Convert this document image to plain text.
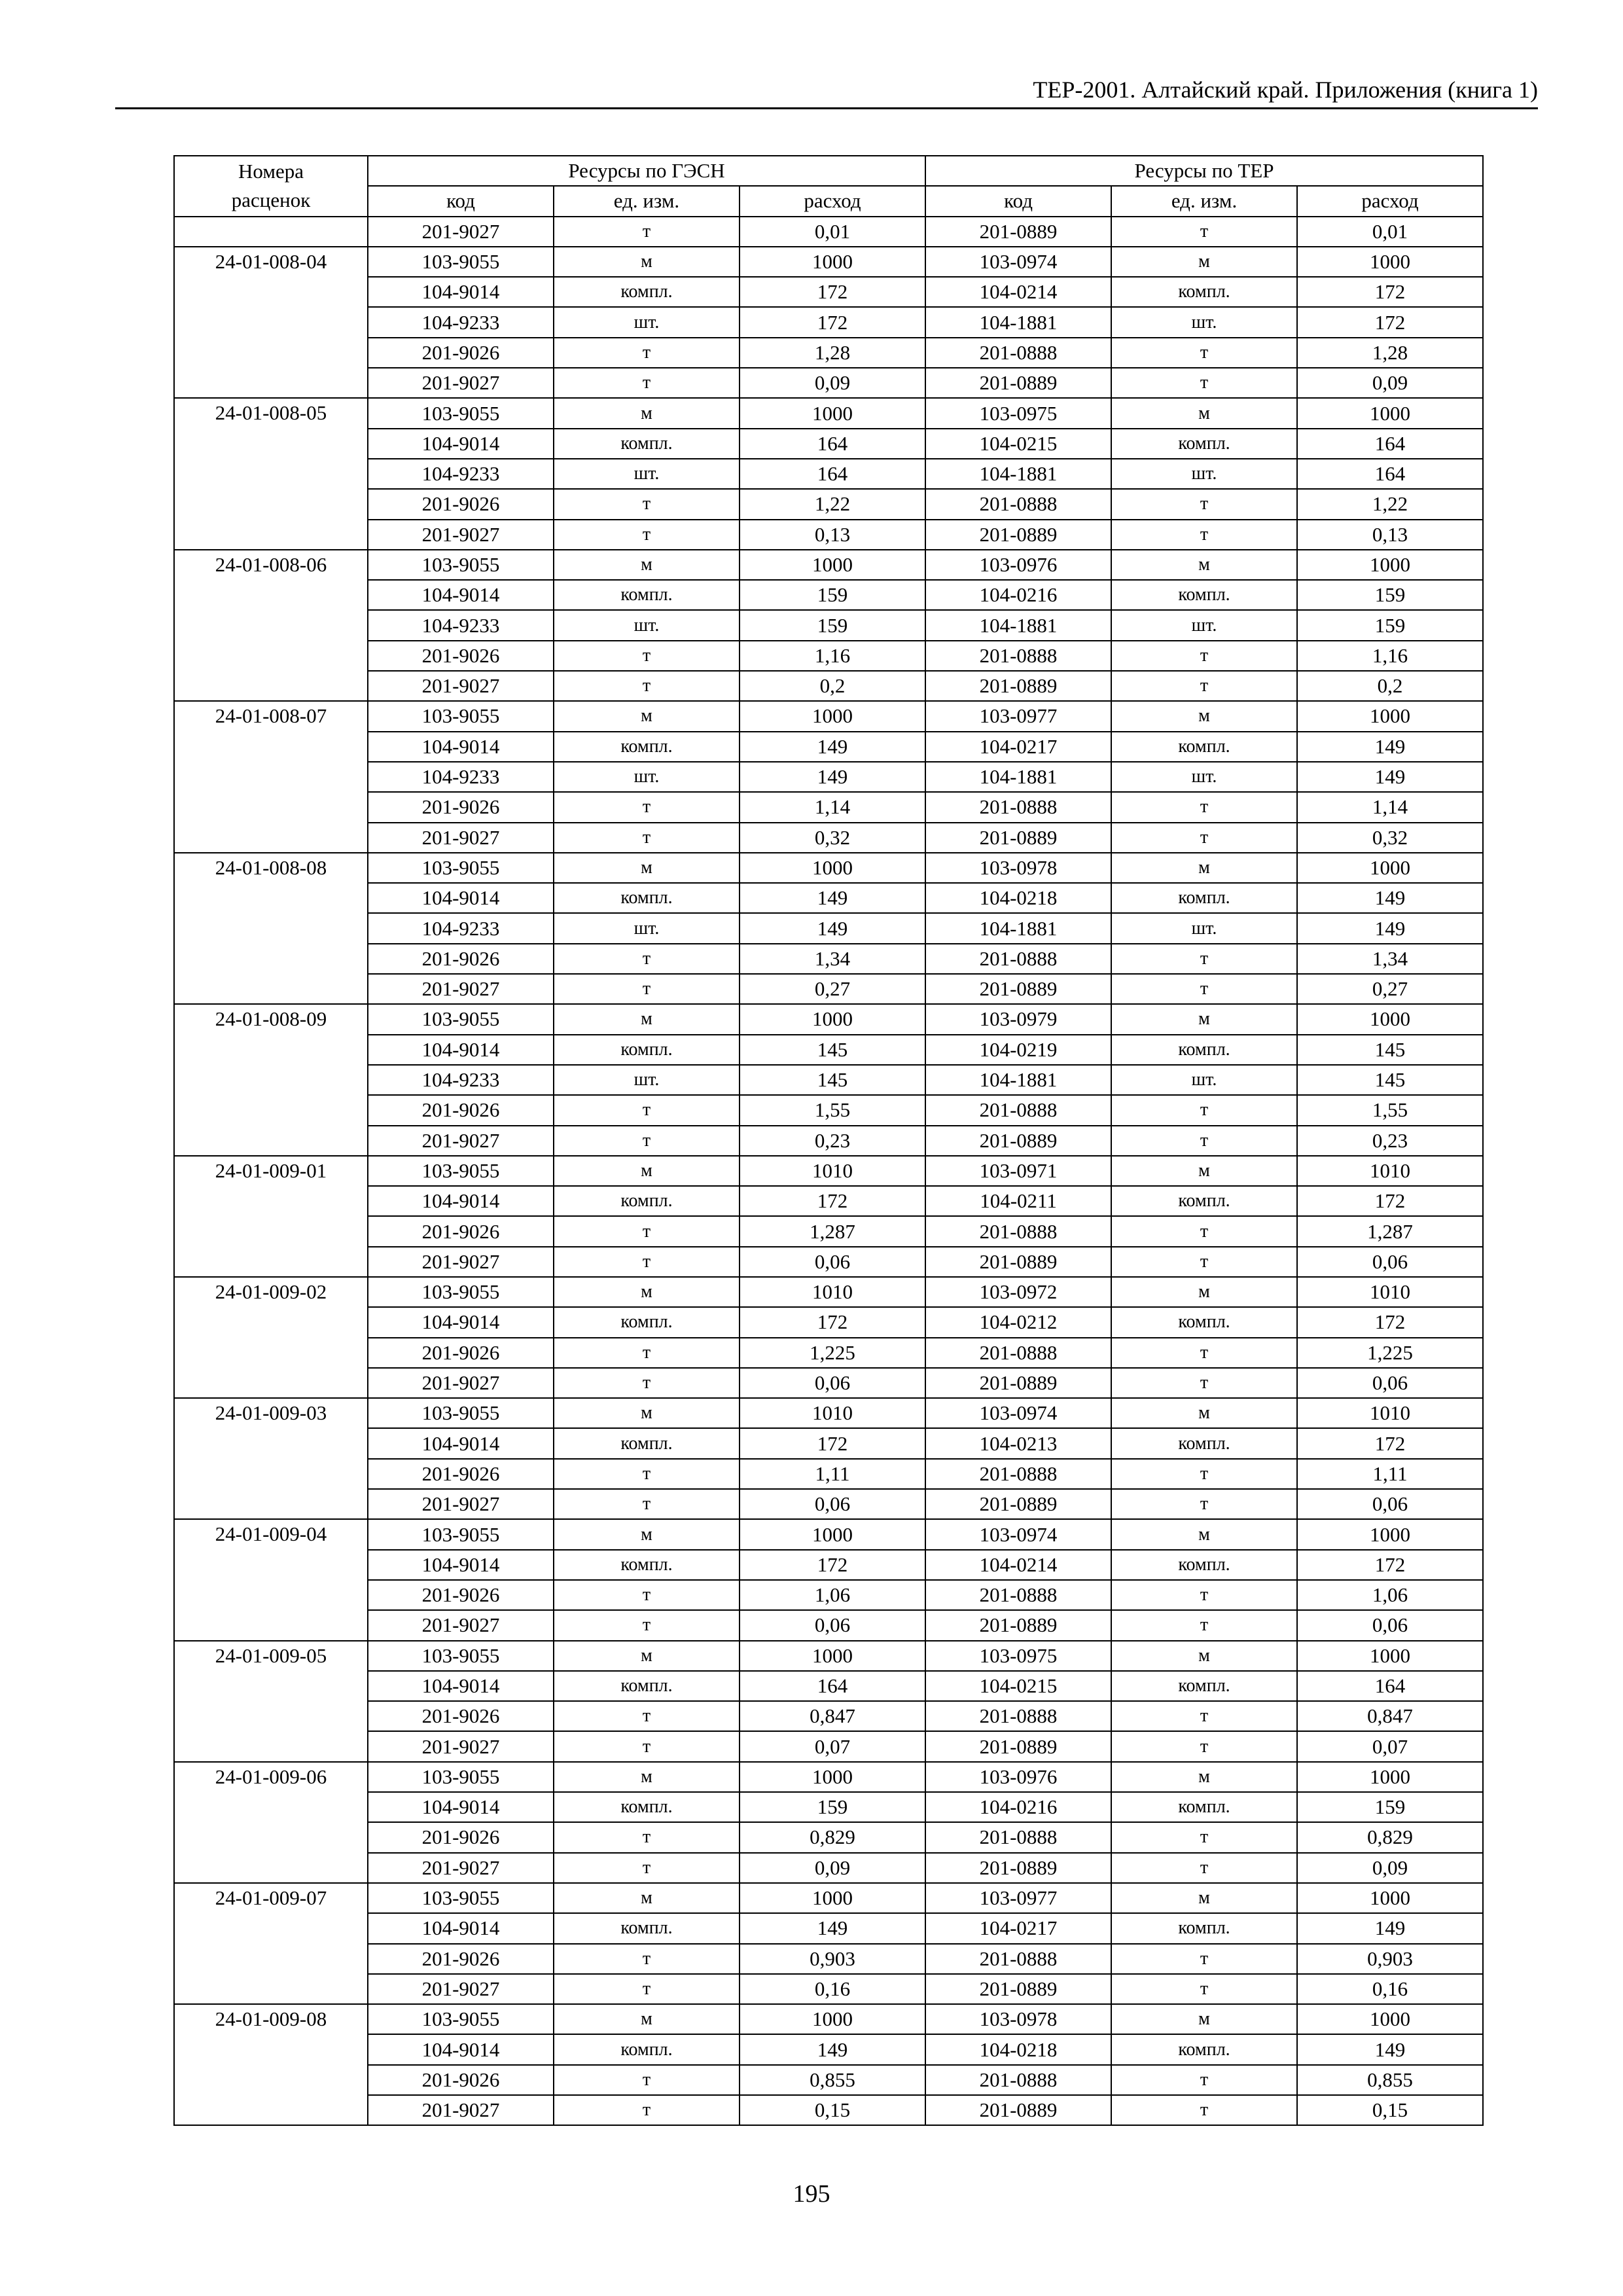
ТЕР-2001. Алтайский край. Приложения (книга 1)
Номера расценок	Ресурсы по ГЭСН			Ресурсы по ТЕР		
	код	ед. изм.	расход	код	ед. изм.	расход
	201-9027	т	0,01	201-0889	т	0,01
24-01-008-04	103-9055	м	1000	103-0974	м	1000
	104-9014	компл.	172	104-0214	компл.	172
	104-9233	шт.	172	104-1881	шт.	172
	201-9026	т	1,28	201-0888	т	1,28
	201-9027	т	0,09	201-0889	т	0,09
24-01-008-05	103-9055	м	1000	103-0975	м	1000
	104-9014	компл.	164	104-0215	компл.	164
	104-9233	шт.	164	104-1881	шт.	164
	201-9026	т	1,22	201-0888	т	1,22
	201-9027	т	0,13	201-0889	т	0,13
24-01-008-06	103-9055	м	1000	103-0976	м	1000
	104-9014	компл.	159	104-0216	компл.	159
	104-9233	шт.	159	104-1881	шт.	159
	201-9026	т	1,16	201-0888	т	1,16
	201-9027	т	0,2	201-0889	т	0,2
24-01-008-07	103-9055	м	1000	103-0977	м	1000
	104-9014	компл.	149	104-0217	компл.	149
	104-9233	шт.	149	104-1881	шт.	149
	201-9026	т	1,14	201-0888	т	1,14
	201-9027	т	0,32	201-0889	т	0,32
24-01-008-08	103-9055	м	1000	103-0978	м	1000
	104-9014	компл.	149	104-0218	компл.	149
	104-9233	шт.	149	104-1881	шт.	149
	201-9026	т	1,34	201-0888	т	1,34
	201-9027	т	0,27	201-0889	т	0,27
24-01-008-09	103-9055	м	1000	103-0979	м	1000
	104-9014	компл.	145	104-0219	компл.	145
	104-9233	шт.	145	104-1881	шт.	145
	201-9026	т	1,55	201-0888	т	1,55
	201-9027	т	0,23	201-0889	т	0,23
24-01-009-01	103-9055	м	1010	103-0971	м	1010
	104-9014	компл.	172	104-0211	компл.	172
	201-9026	т	1,287	201-0888	т	1,287
	201-9027	т	0,06	201-0889	т	0,06
24-01-009-02	103-9055	м	1010	103-0972	м	1010
	104-9014	компл.	172	104-0212	компл.	172
	201-9026	т	1,225	201-0888	т	1,225
	201-9027	т	0,06	201-0889	т	0,06
24-01-009-03	103-9055	м	1010	103-0974	м	1010
	104-9014	компл.	172	104-0213	компл.	172
	201-9026	т	1,11	201-0888	т	1,11
	201-9027	т	0,06	201-0889	т	0,06
24-01-009-04	103-9055	м	1000	103-0974	м	1000
	104-9014	компл.	172	104-0214	компл.	172
	201-9026	т	1,06	201-0888	т	1,06
	201-9027	т	0,06	201-0889	т	0,06
24-01-009-05	103-9055	м	1000	103-0975	м	1000
	104-9014	компл.	164	104-0215	компл.	164
	201-9026	т	0,847	201-0888	т	0,847
	201-9027	т	0,07	201-0889	т	0,07
24-01-009-06	103-9055	м	1000	103-0976	м	1000
	104-9014	компл.	159	104-0216	компл.	159
	201-9026	т	0,829	201-0888	т	0,829
	201-9027	т	0,09	201-0889	т	0,09
24-01-009-07	103-9055	м	1000	103-0977	м	1000
	104-9014	компл.	149	104-0217	компл.	149
	201-9026	т	0,903	201-0888	т	0,903
	201-9027	т	0,16	201-0889	т	0,16
24-01-009-08	103-9055	м	1000	103-0978	м	1000
	104-9014	компл.	149	104-0218	компл.	149
	201-9026	т	0,855	201-0888	т	0,855
	201-9027	т	0,15	201-0889	т	0,15
195
